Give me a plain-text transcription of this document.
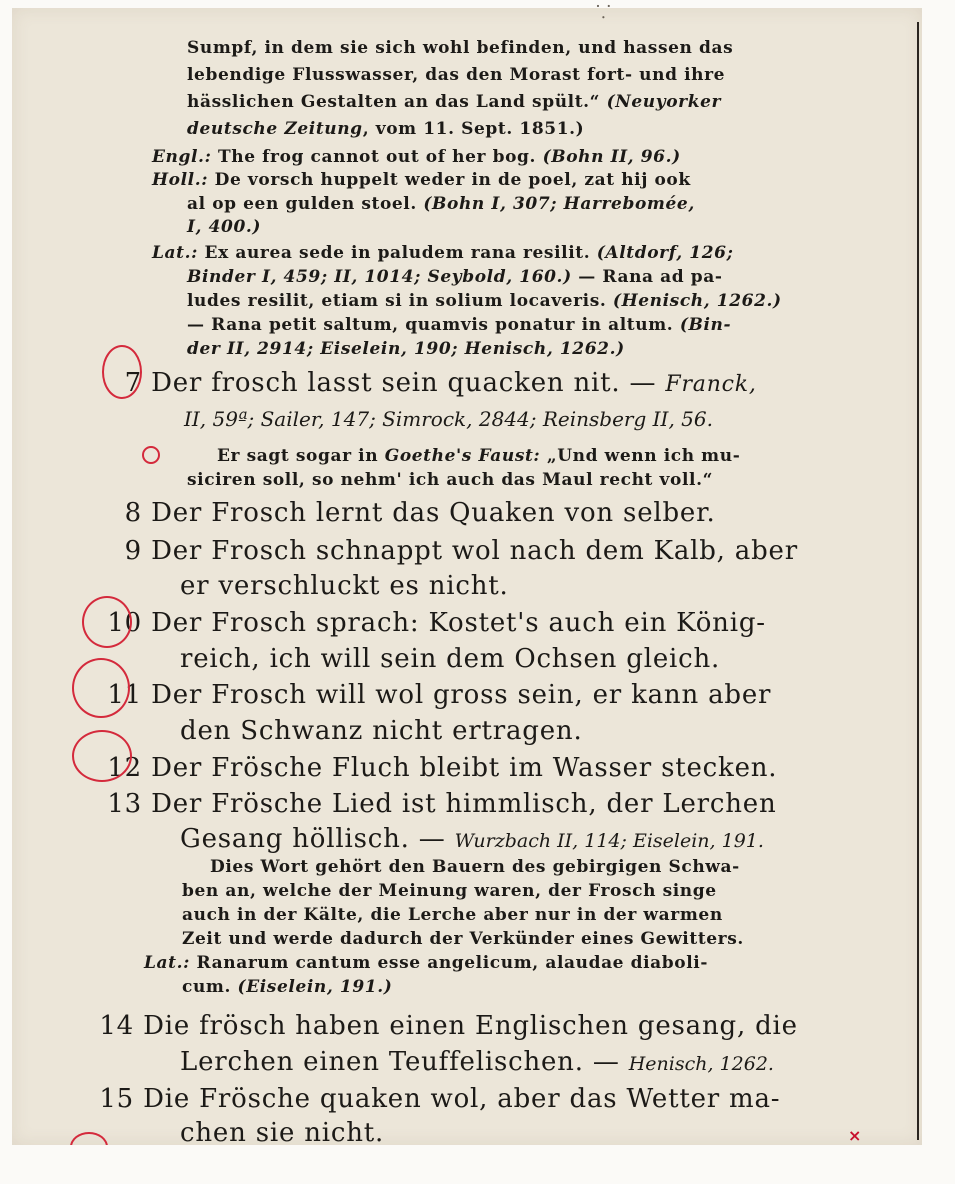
Sumpf, in dem sie sich wohl befinden, und hassen das
lebendige Flusswasser, das den Morast fort- und ihre
hässlichen Gestalten an das Land spült.“ (Neuyorker
deutsche Zeitung, vom 11. Sept. 1851.)
Engl.: The frog cannot out of her bog. (Bohn II, 96.)
Holl.: De vorsch huppelt weder in de poel, zat hij ook
al op een gulden stoel. (Bohn I, 307; Harrebomée,
I, 400.)
Lat.: Ex aurea sede in paludem rana resilit. (Altdorf, 126;
Binder I, 459; II, 1014; Seybold, 160.) — Rana ad pa-
ludes resilit, etiam si in solium locaveris. (Henisch, 1262.)
— Rana petit saltum, quamvis ponatur in altum. (Bin-
der II, 2914; Eiselein, 190; Henisch, 1262.)
7 Der frosch lasst sein quacken nit. — Franck,
II, 59ª; Sailer, 147; Simrock, 2844; Reinsberg II, 56.
Er sagt sogar in Goethe's Faust: „Und wenn ich mu-
siciren soll, so nehm' ich auch das Maul recht voll.“
8 Der Frosch lernt das Quaken von selber.
9 Der Frosch schnappt wol nach dem Kalb, aber
er verschluckt es nicht.
10 Der Frosch sprach: Kostet's auch ein König-
reich, ich will sein dem Ochsen gleich.
11 Der Frosch will wol gross sein, er kann aber
den Schwanz nicht ertragen.
12 Der Frösche Fluch bleibt im Wasser stecken.
13 Der Frösche Lied ist himmlisch, der Lerchen
Gesang höllisch. — Wurzbach II, 114; Eiselein, 191.
Dies Wort gehört den Bauern des gebirgigen Schwa-
ben an, welche der Meinung waren, der Frosch singe
auch in der Kälte, die Lerche aber nur in der warmen
Zeit und werde dadurch der Verkünder eines Gewitters.
Lat.: Ranarum cantum esse angelicum, alaudae diaboli-
cum. (Eiselein, 191.)
14 Die frösch haben einen Englischen gesang, die
Lerchen einen Teuffelischen. — Henisch, 1262.
15 Die Frösche quaken wol, aber das Wetter ma-
chen sie nicht.	×
⸪
